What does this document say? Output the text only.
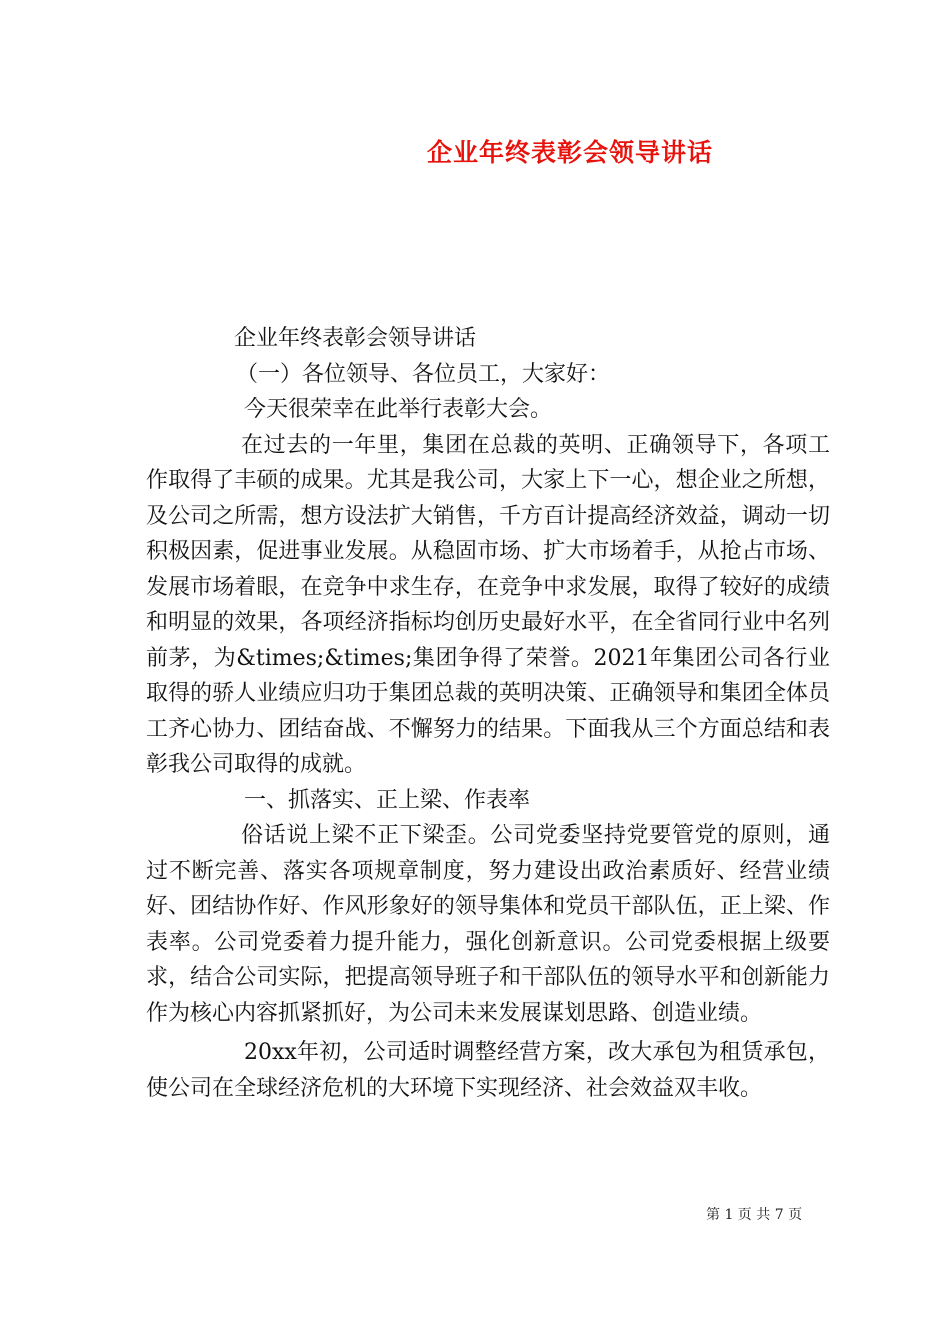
企业年终表彰会领导讲话

企业年终表彰会领导讲话

（一）各位领导、各位员工，大家好：

今天很荣幸在此举行表彰大会。

在过去的一年里，集团在总裁的英明、正确领导下，各项工作取得了丰硕的成果。尤其是我公司，大家上下一心，想企业之所想，及公司之所需，想方设法扩大销售，千方百计提高经济效益，调动一切积极因素，促进事业发展。从稳固市场、扩大市场着手，从抢占市场、发展市场着眼，在竞争中求生存，在竞争中求发展，取得了较好的成绩和明显的效果，各项经济指标均创历史最好水平，在全省同行业中名列前茅，为&times;&times;集团争得了荣誉。2021年集团公司各行业取得的骄人业绩应归功于集团总裁的英明决策、正确领导和集团全体员工齐心协力、团结奋战、不懈努力的结果。下面我从三个方面总结和表彰我公司取得的成就。

一、抓落实、正上梁、作表率

俗话说上梁不正下梁歪。公司党委坚持党要管党的原则，通过不断完善、落实各项规章制度，努力建设出政治素质好、经营业绩好、团结协作好、作风形象好的领导集体和党员干部队伍，正上梁、作表率。公司党委着力提升能力，强化创新意识。公司党委根据上级要求，结合公司实际，把提高领导班子和干部队伍的领导水平和创新能力作为核心内容抓紧抓好，为公司未来发展谋划思路、创造业绩。

20xx年初，公司适时调整经营方案，改大承包为租赁承包，使公司在全球经济危机的大环境下实现经济、社会效益双丰收。

第 1 页 共 7 页
